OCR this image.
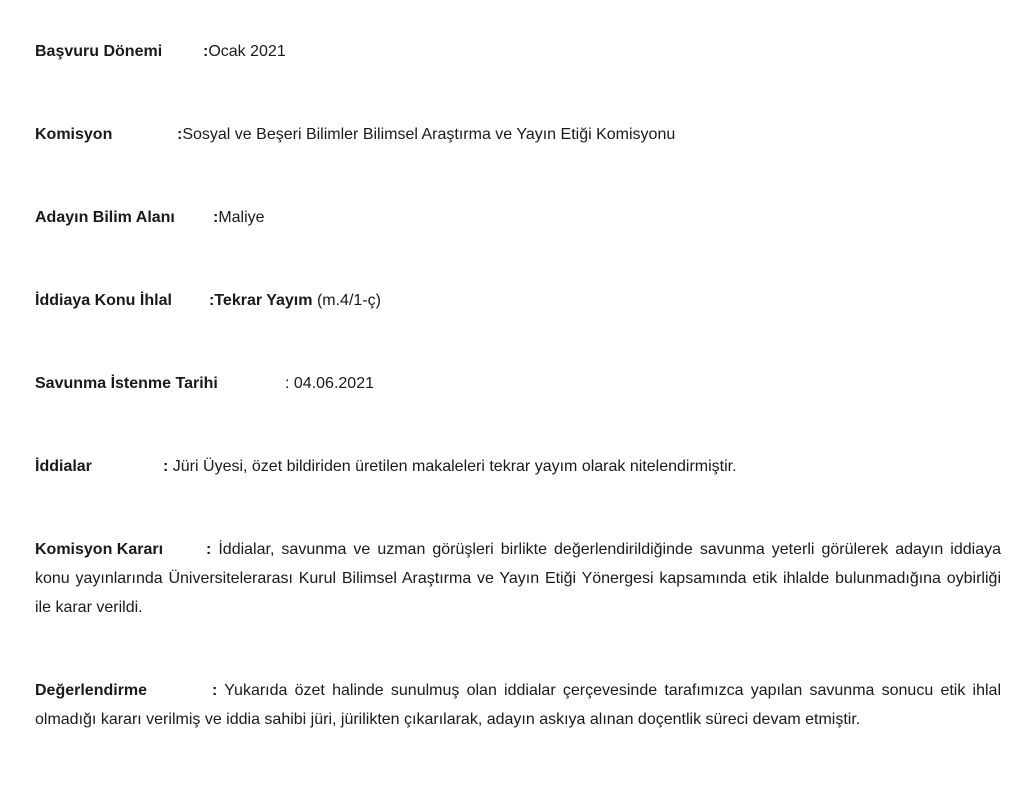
Başvuru Dönemi	:Ocak 2021
Komisyon	:Sosyal ve Beşeri Bilimler Bilimsel Araştırma ve Yayın Etiği Komisyonu
Adayın Bilim Alanı :Maliye
İddiaya Konu İhlal :Tekrar Yayım (m.4/1-ç)
Savunma İstenme Tarihi	: 04.06.2021
İddialar	: Jüri Üyesi, özet bildiriden üretilen makaleleri tekrar yayım olarak nitelendirmiştir.
Komisyon Kararı	: İddialar, savunma ve uzman görüşleri birlikte değerlendirildiğinde savunma yeterli görülerek adayın iddiaya konu yayınlarında Üniversitelerarası Kurul Bilimsel Araştırma ve Yayın Etiği Yönergesi kapsamında etik ihlalde bulunmadığına oybirliği ile karar verildi.
Değerlendirme	: Yukarıda özet halinde sunulmuş olan iddialar çerçevesinde tarafımızca yapılan savunma sonucu etik ihlal olmadığı kararı verilmiş ve iddia sahibi jüri, jürilikten çıkarılarak, adayın askıya alınan doçentlik süreci devam etmiştir.
